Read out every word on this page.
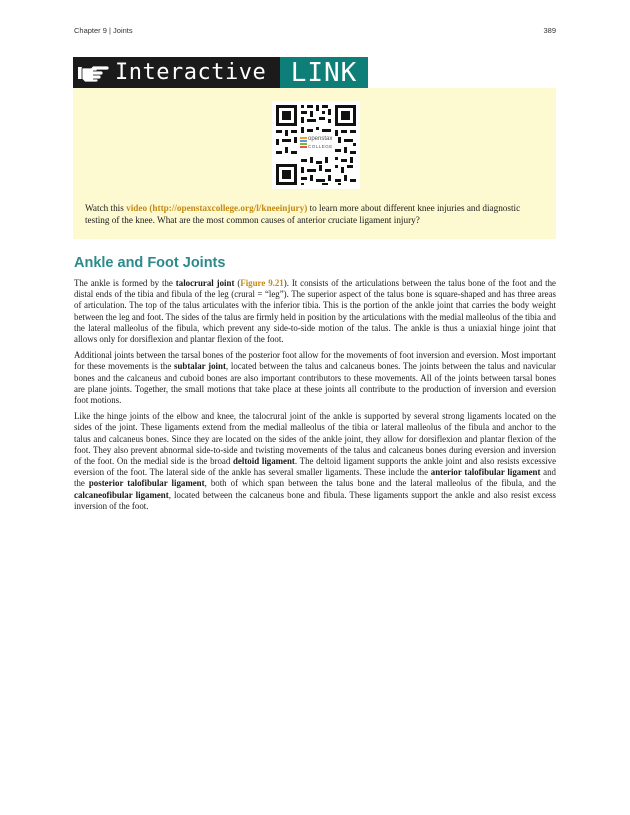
Chapter 9 | Joints	389
Interactive LINK
openstax
COLLEGE
Watch this video (http://openstaxcollege.org/l/kneeinjury) to learn more about different knee injuries and diagnostic testing of the knee. What are the most common causes of anterior cruciate ligament injury?
Ankle and Foot Joints

The ankle is formed by the talocrural joint (Figure 9.21). It consists of the articulations between the talus bone of the foot and the distal ends of the tibia and fibula of the leg (crural = “leg”). The superior aspect of the talus bone is square-shaped and has three areas of articulation. The top of the talus articulates with the inferior tibia. This is the portion of the ankle joint that carries the body weight between the leg and foot. The sides of the talus are firmly held in position by the articulations with the medial malleolus of the tibia and the lateral malleolus of the fibula, which prevent any side-to-side motion of the talus. The ankle is thus a uniaxial hinge joint that allows only for dorsiflexion and plantar flexion of the foot.

Additional joints between the tarsal bones of the posterior foot allow for the movements of foot inversion and eversion. Most important for these movements is the subtalar joint, located between the talus and calcaneus bones. The joints between the talus and navicular bones and the calcaneus and cuboid bones are also important contributors to these movements. All of the joints between tarsal bones are plane joints. Together, the small motions that take place at these joints all contribute to the production of inversion and eversion foot motions.

Like the hinge joints of the elbow and knee, the talocrural joint of the ankle is supported by several strong ligaments located on the sides of the joint. These ligaments extend from the medial malleolus of the tibia or lateral malleolus of the fibula and anchor to the talus and calcaneus bones. Since they are located on the sides of the ankle joint, they allow for dorsiflexion and plantar flexion of the foot. They also prevent abnormal side-to-side and twisting movements of the talus and calcaneus bones during eversion and inversion of the foot. On the medial side is the broad deltoid ligament. The deltoid ligament supports the ankle joint and also resists excessive eversion of the foot. The lateral side of the ankle has several smaller ligaments. These include the anterior talofibular ligament and the posterior talofibular ligament, both of which span between the talus bone and the lateral malleolus of the fibula, and the calcaneofibular ligament, located between the calcaneus bone and fibula. These ligaments support the ankle and also resist excess inversion of the foot.
